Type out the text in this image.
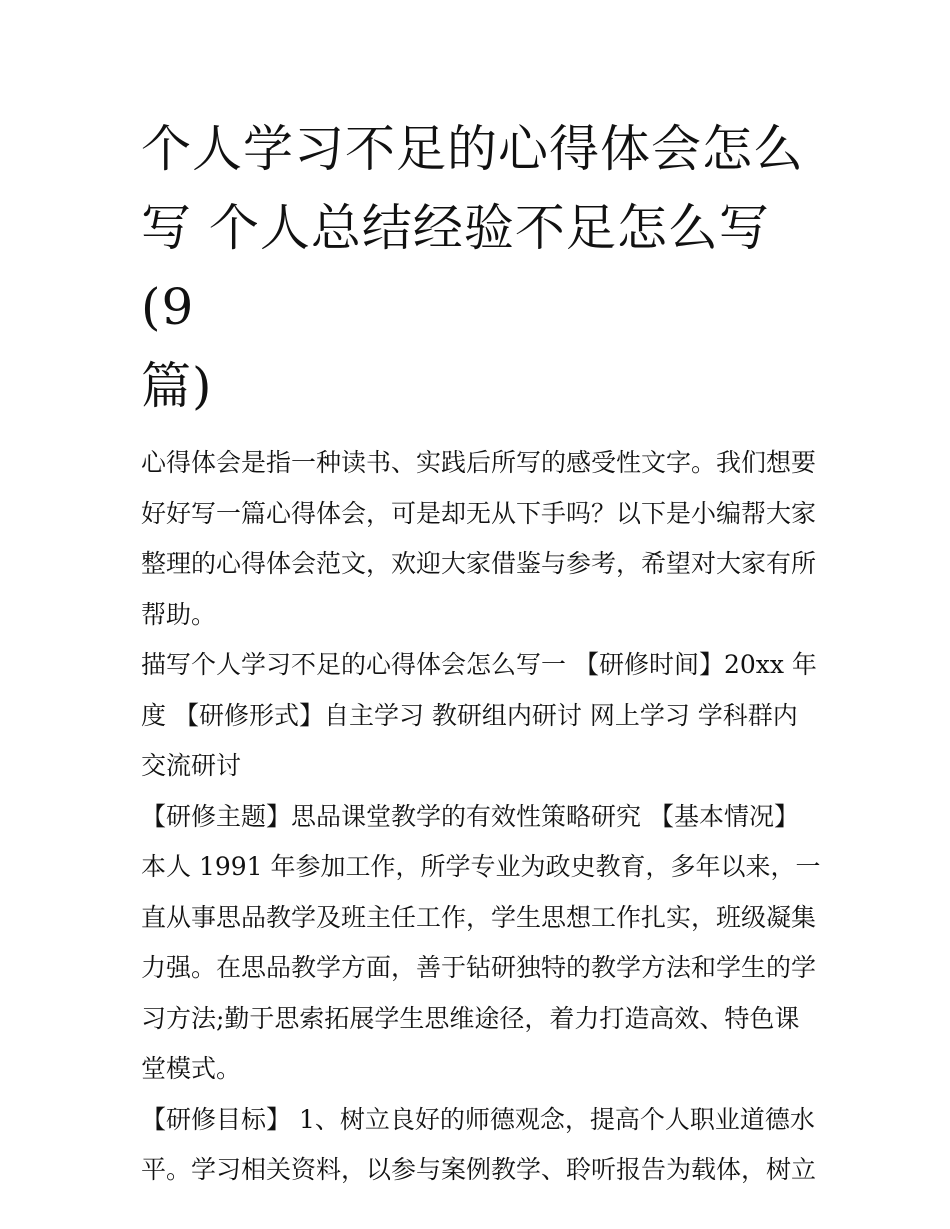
个人学习不足的心得体会怎么
写 个人总结经验不足怎么写(9
篇)

心得体会是指一种读书、实践后所写的感受性文字。我们想要

好好写一篇心得体会，可是却无从下手吗？以下是小编帮大家

整理的心得体会范文，欢迎大家借鉴与参考，希望对大家有所

帮助。

描写个人学习不足的心得体会怎么写一 【研修时间】20xx 年

度 【研修形式】自主学习 教研组内研讨 网上学习 学科群内

交流研讨

【研修主题】思品课堂教学的有效性策略研究 【基本情况】

本人 1991 年参加工作，所学专业为政史教育，多年以来，一

直从事思品教学及班主任工作，学生思想工作扎实，班级凝集

力强。在思品教学方面，善于钻研独特的教学方法和学生的学

习方法;勤于思索拓展学生思维途径，着力打造高效、特色课

堂模式。

【研修目标】 1、树立良好的师德观念，提高个人职业道德水

平。学习相关资料，以参与案例教学、聆听报告为载体，树立
